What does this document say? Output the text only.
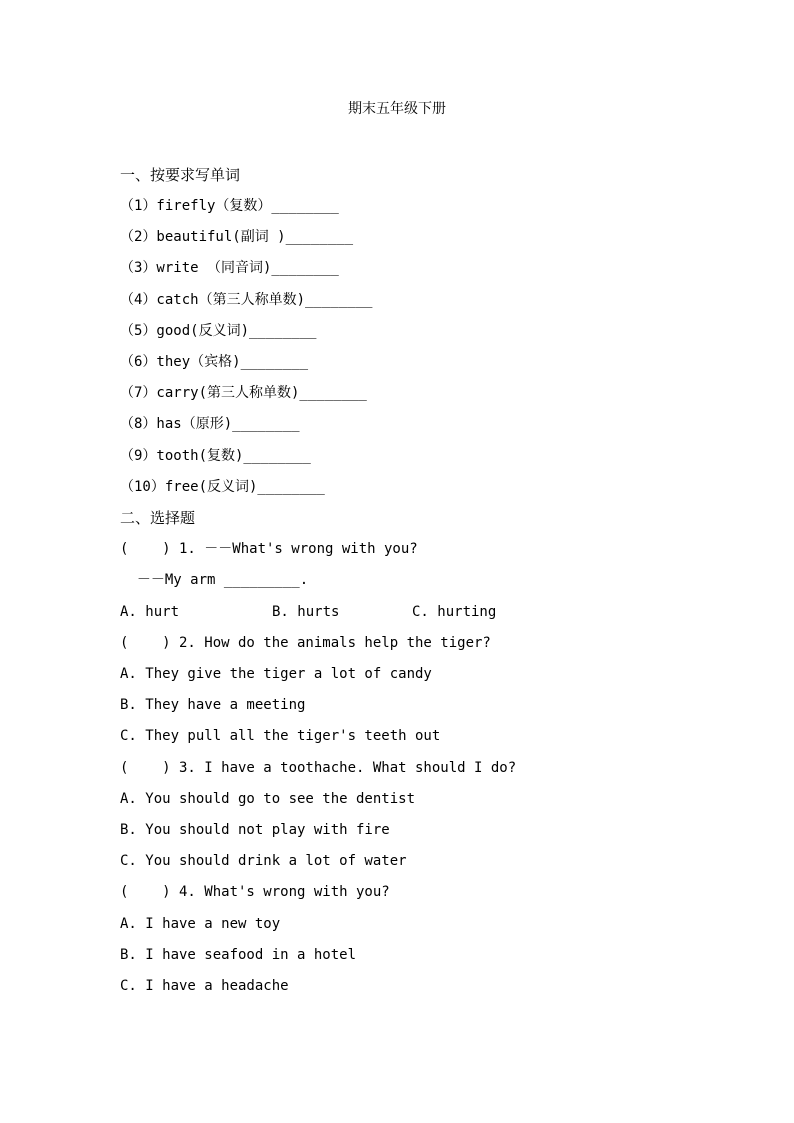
期末五年级下册
一、按要求写单词
（1）firefly（复数）________
（2）beautiful(副词 )________
（3）write （同音词)________
（4）catch（第三人称单数)________
（5）good(反义词)________
（6）they（宾格)________
（7）carry(第三人称单数)________
（8）has（原形)________
（9）tooth(复数)________
（10）free(反义词)________
二、选择题
(    ) 1. －－What's wrong with you?
－－My arm _________.
A. hurt	B. hurts	C. hurting
(    ) 2. How do the animals help the tiger?
A. They give the tiger a lot of candy
B. They have a meeting
C. They pull all the tiger's teeth out
(    ) 3. I have a toothache. What should I do?
A. You should go to see the dentist
B. You should not play with fire
C. You should drink a lot of water
(    ) 4. What's wrong with you?
A. I have a new toy
B. I have seafood in a hotel
C. I have a headache
